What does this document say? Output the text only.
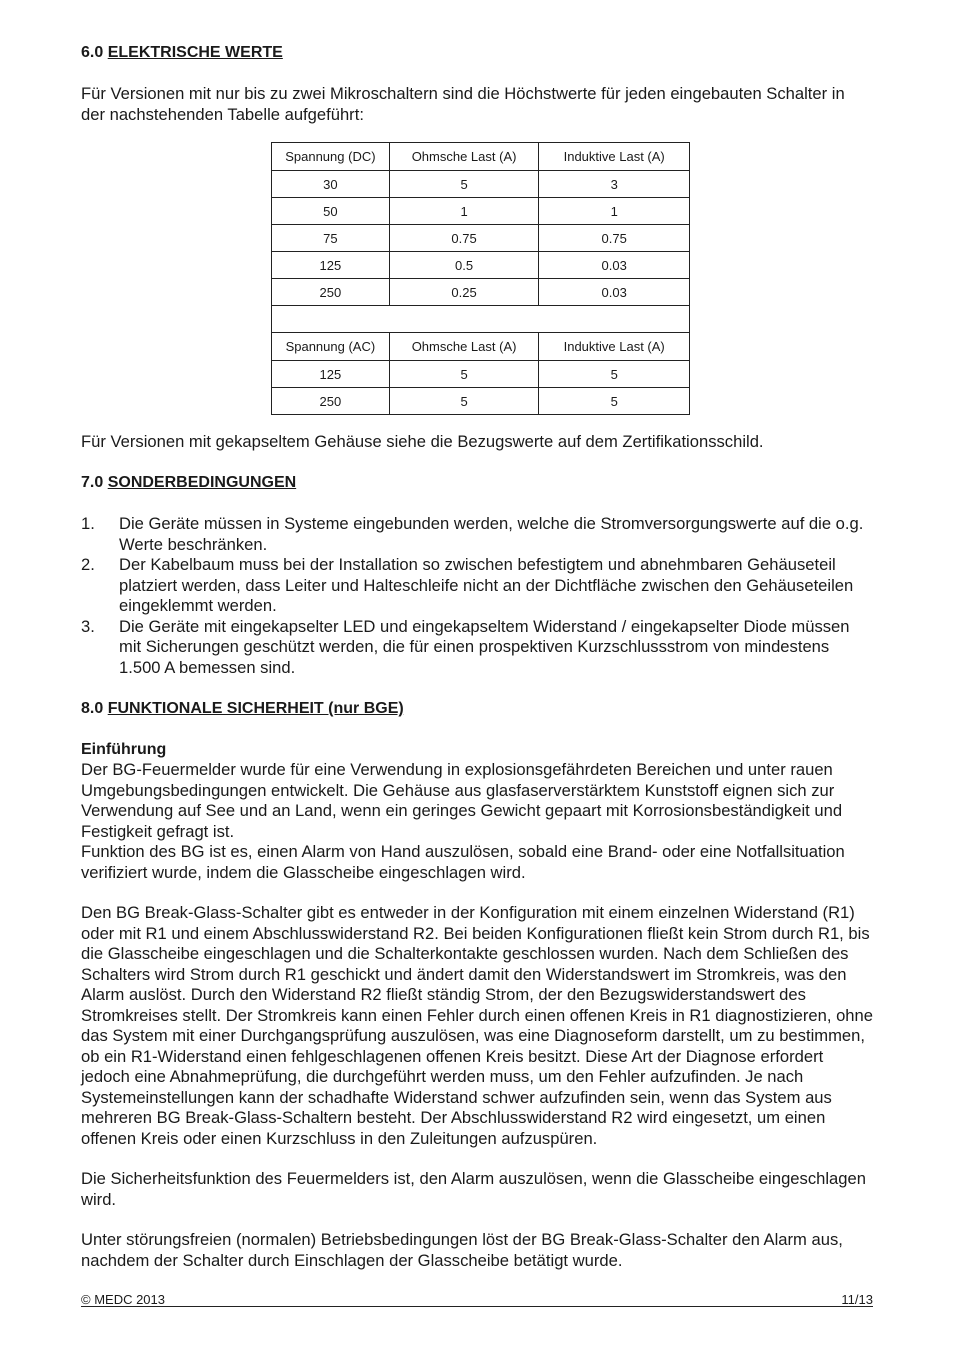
6.0 ELEKTRISCHE WERTE

Für Versionen mit nur bis zu zwei Mikroschaltern sind die Höchstwerte für jeden eingebauten Schalter in der nachstehenden Tabelle aufgeführt:

Spannung (DC)	Ohmsche Last (A)	Induktive Last (A)
30	5	3
50	1	1
75	0.75	0.75
125	0.5	0.03
250	0.25	0.03

Spannung (AC)	Ohmsche Last (A)	Induktive Last (A)
125	5	5
250	5	5

Für Versionen mit gekapseltem Gehäuse siehe die Bezugswerte auf dem Zertifikationsschild.

7.0 SONDERBEDINGUNGEN

1. Die Geräte müssen in Systeme eingebunden werden, welche die Stromversorgungswerte auf die o.g. Werte beschränken.
2. Der Kabelbaum muss bei der Installation so zwischen befestigtem und abnehmbaren Gehäuseteil platziert werden, dass Leiter und Halteschleife nicht an der Dichtfläche zwischen den Gehäuseteilen eingeklemmt werden.
3. Die Geräte mit eingekapselter LED und eingekapseltem Widerstand / eingekapselter Diode müssen mit Sicherungen geschützt werden, die für einen prospektiven Kurzschlussstrom von mindestens 1.500 A bemessen sind.

8.0 FUNKTIONALE SICHERHEIT (nur BGE)

Einführung

Der BG-Feuermelder wurde für eine Verwendung in explosionsgefährdeten Bereichen und unter rauen Umgebungsbedingungen entwickelt. Die Gehäuse aus glasfaserverstärktem Kunststoff eignen sich zur Verwendung auf See und an Land, wenn ein geringes Gewicht gepaart mit Korrosionsbeständigkeit und Festigkeit gefragt ist.

Funktion des BG ist es, einen Alarm von Hand auszulösen, sobald eine Brand- oder eine Notfallsituation verifiziert wurde, indem die Glasscheibe eingeschlagen wird.

Den BG Break-Glass-Schalter gibt es entweder in der Konfiguration mit einem einzelnen Widerstand (R1) oder mit R1 und einem Abschlusswiderstand R2. Bei beiden Konfigurationen fließt kein Strom durch R1, bis die Glasscheibe eingeschlagen und die Schalterkontakte geschlossen wurden. Nach dem Schließen des Schalters wird Strom durch R1 geschickt und ändert damit den Widerstandswert im Stromkreis, was den Alarm auslöst. Durch den Widerstand R2 fließt ständig Strom, der den Bezugswiderstandswert des Stromkreises stellt. Der Stromkreis kann einen Fehler durch einen offenen Kreis in R1 diagnostizieren, ohne das System mit einer Durchgangsprüfung auszulösen, was eine Diagnoseform darstellt, um zu bestimmen, ob ein R1-Widerstand einen fehlgeschlagenen offenen Kreis besitzt. Diese Art der Diagnose erfordert jedoch eine Abnahmeprüfung, die durchgeführt werden muss, um den Fehler aufzufinden. Je nach Systemeinstellungen kann der schadhafte Widerstand schwer aufzufinden sein, wenn das System aus mehreren BG Break-Glass-Schaltern besteht. Der Abschlusswiderstand R2 wird eingesetzt, um einen offenen Kreis oder einen Kurzschluss in den Zuleitungen aufzuspüren.

Die Sicherheitsfunktion des Feuermelders ist, den Alarm auszulösen, wenn die Glasscheibe eingeschlagen wird.

Unter störungsfreien (normalen) Betriebsbedingungen löst der BG Break-Glass-Schalter den Alarm aus, nachdem der Schalter durch Einschlagen der Glasscheibe betätigt wurde.

© MEDC 2013	11/13
